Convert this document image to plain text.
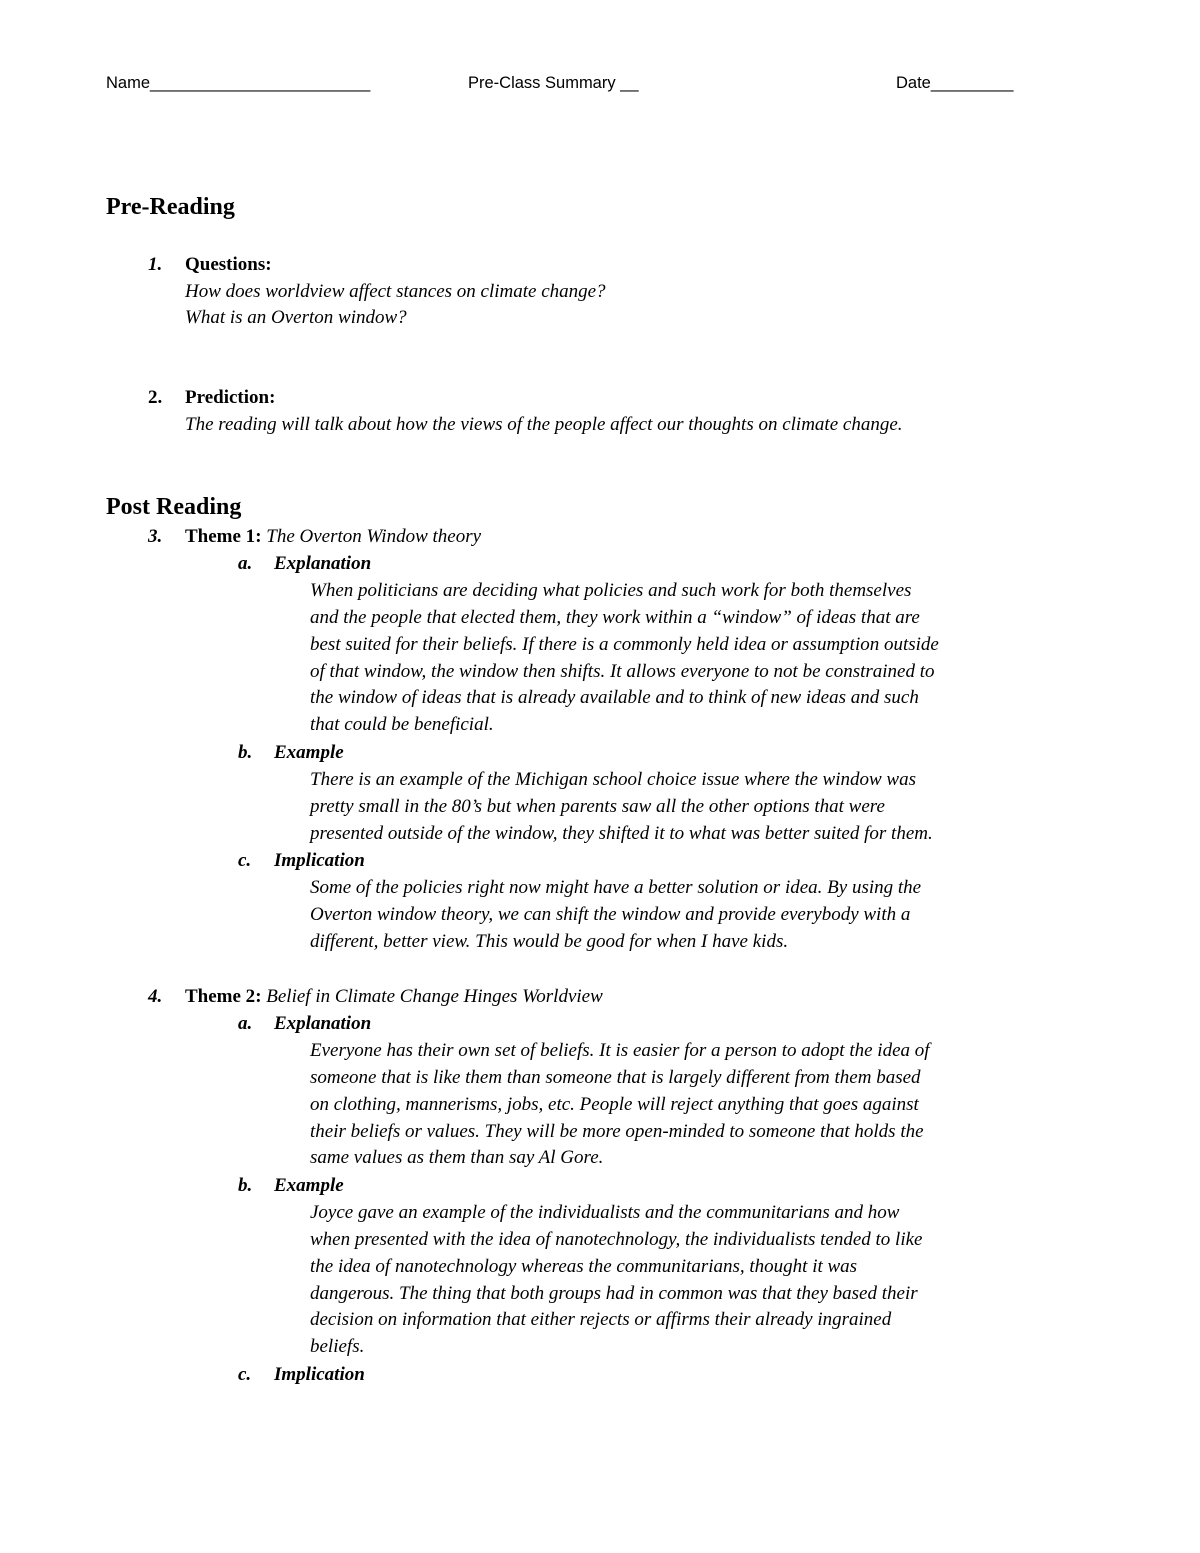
Name________________________	Pre-Class Summary __	Date_________
Pre-Reading
1.	Questions:
How does worldview affect stances on climate change?
What is an Overton window?
2.	Prediction:
The reading will talk about how the views of the people affect our thoughts on climate change.
Post Reading
3.	Theme 1: The Overton Window theory
a. Explanation
When politicians are deciding what policies and such work for both themselves
and the people that elected them, they work within a “window” of ideas that are
best suited for their beliefs. If there is a commonly held idea or assumption outside
of that window, the window then shifts. It allows everyone to not be constrained to
the window of ideas that is already available and to think of new ideas and such
that could be beneficial.
b. Example
There is an example of the Michigan school choice issue where the window was
pretty small in the 80’s but when parents saw all the other options that were
presented outside of the window, they shifted it to what was better suited for them.
c. Implication
Some of the policies right now might have a better solution or idea. By using the
Overton window theory, we can shift the window and provide everybody with a
different, better view. This would be good for when I have kids.
4.	Theme 2: Belief in Climate Change Hinges Worldview
a. Explanation
Everyone has their own set of beliefs. It is easier for a person to adopt the idea of
someone that is like them than someone that is largely different from them based
on clothing, mannerisms, jobs, etc. People will reject anything that goes against
their beliefs or values. They will be more open-minded to someone that holds the
same values as them than say Al Gore.
b. Example
Joyce gave an example of the individualists and the communitarians and how
when presented with the idea of nanotechnology, the individualists tended to like
the idea of nanotechnology whereas the communitarians, thought it was
dangerous. The thing that both groups had in common was that they based their
decision on information that either rejects or affirms their already ingrained
beliefs.
c. Implication
